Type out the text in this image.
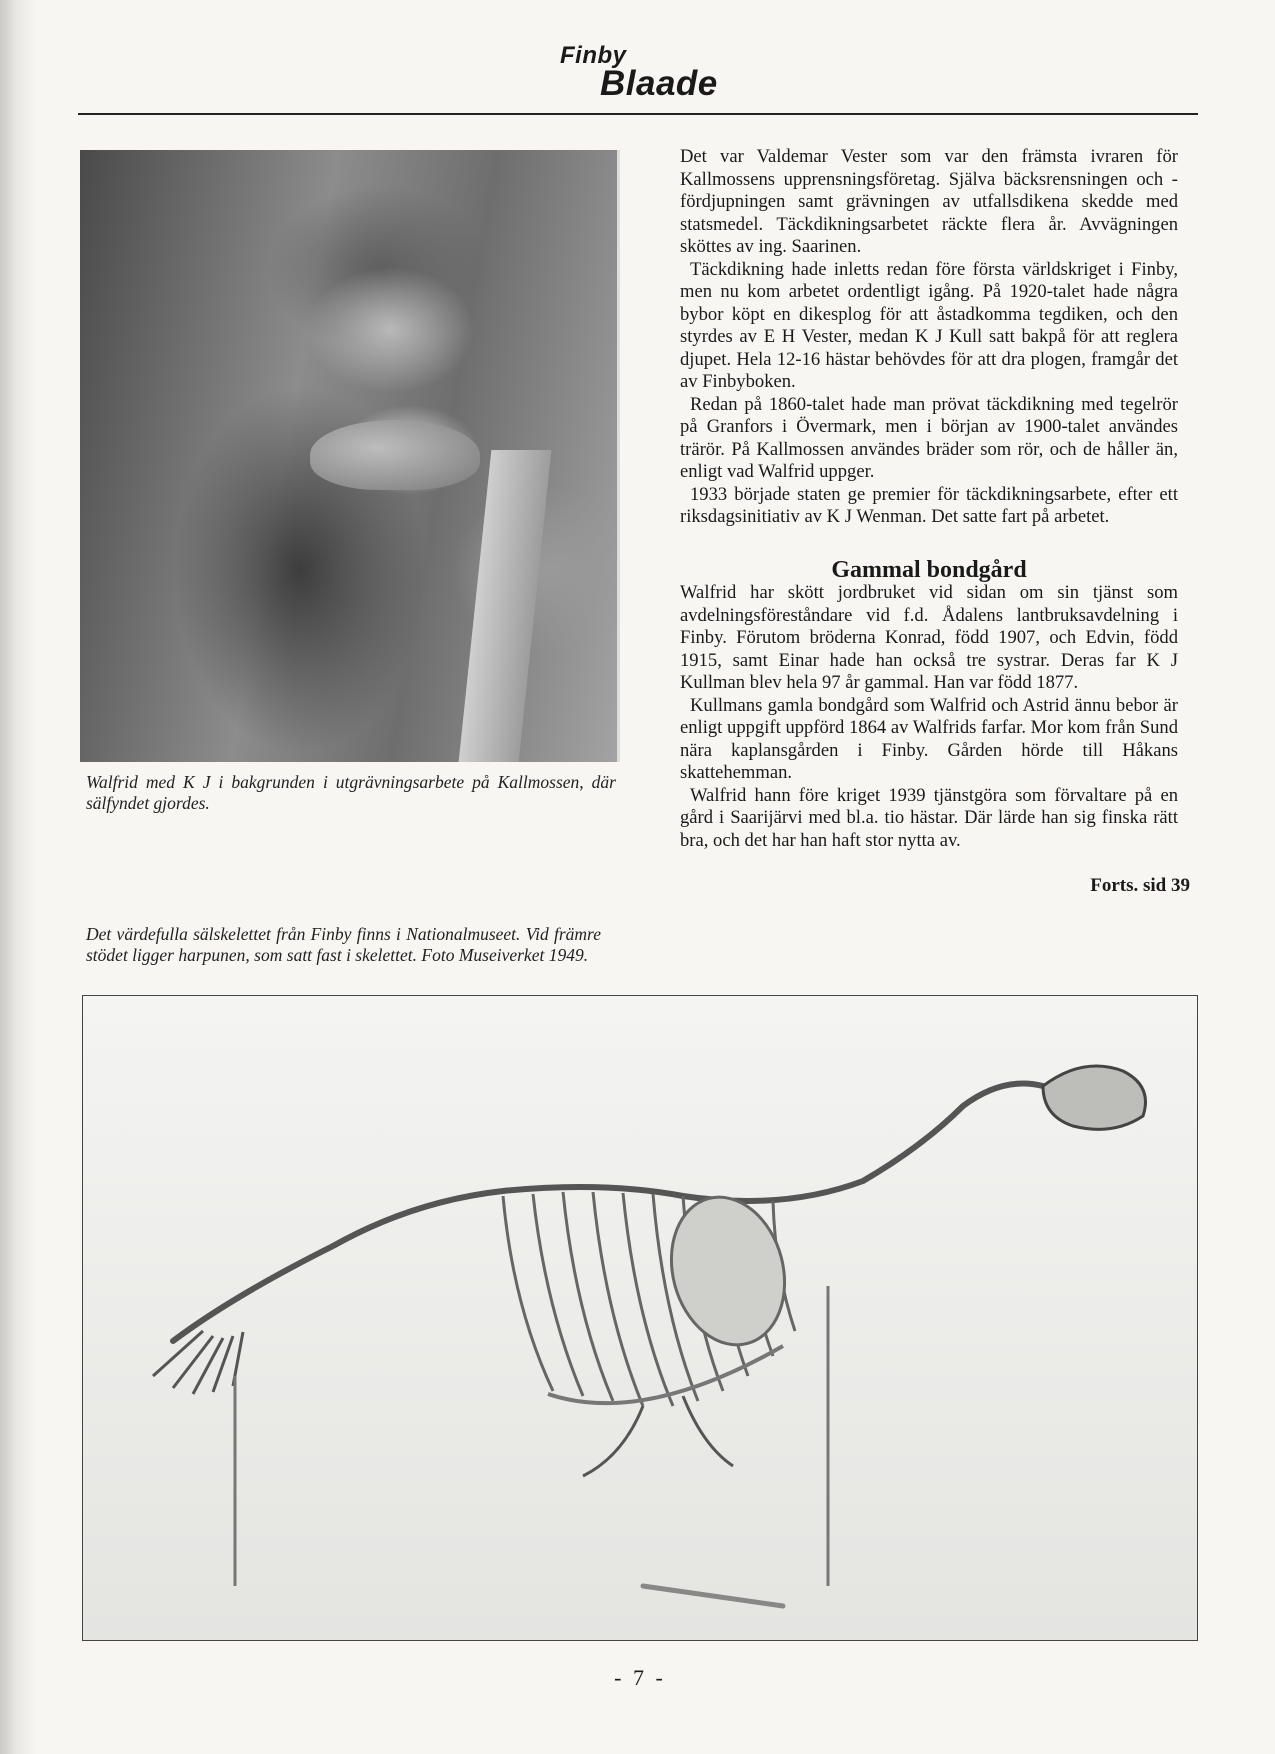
Finby
Blaade
Walfrid med K J i bakgrunden i utgrävningsarbete på Kallmossen, där sälfyndet gjordes.

Det var Valdemar Vester som var den främsta ivraren för Kallmossens upprensningsföretag. Själva bäcksrensningen och -fördjupningen samt grävningen av utfallsdikena skedde med statsmedel. Täckdikningsarbetet räckte flera år. Avvägningen sköttes av ing. Saarinen.

Täckdikning hade inletts redan före första världskriget i Finby, men nu kom arbetet ordentligt igång. På 1920-talet hade några bybor köpt en dikesplog för att åstadkomma tegdiken, och den styrdes av E H Vester, medan K J Kull satt bakpå för att reglera djupet. Hela 12-16 hästar behövdes för att dra plogen, framgår det av Finbyboken.

Redan på 1860-talet hade man prövat täckdikning med tegelrör på Granfors i Övermark, men i början av 1900-talet användes trärör. På Kallmossen användes bräder som rör, och de håller än, enligt vad Walfrid uppger.

1933 började staten ge premier för täckdikningsarbete, efter ett riksdagsinitiativ av K J Wenman. Det satte fart på arbetet.

Gammal bondgård

Walfrid har skött jordbruket vid sidan om sin tjänst som avdelningsföreståndare vid f.d. Ådalens lantbruksavdelning i Finby. Förutom bröderna Konrad, född 1907, och Edvin, född 1915, samt Einar hade han också tre systrar. Deras far K J Kullman blev hela 97 år gammal. Han var född 1877.

Kullmans gamla bondgård som Walfrid och Astrid ännu bebor är enligt uppgift uppförd 1864 av Walfrids farfar. Mor kom från Sund nära kaplansgården i Finby. Gården hörde till Håkans skattehemman.

Walfrid hann före kriget 1939 tjänstgöra som förvaltare på en gård i Saarijärvi med bl.a. tio hästar. Där lärde han sig finska rätt bra, och det har han haft stor nytta av.

Forts. sid 39
Det värdefulla sälskelettet från Finby finns i Nationalmuseet. Vid främre stödet ligger harpunen, som satt fast i skelettet. Foto Museiverket 1949.
- 7 -
